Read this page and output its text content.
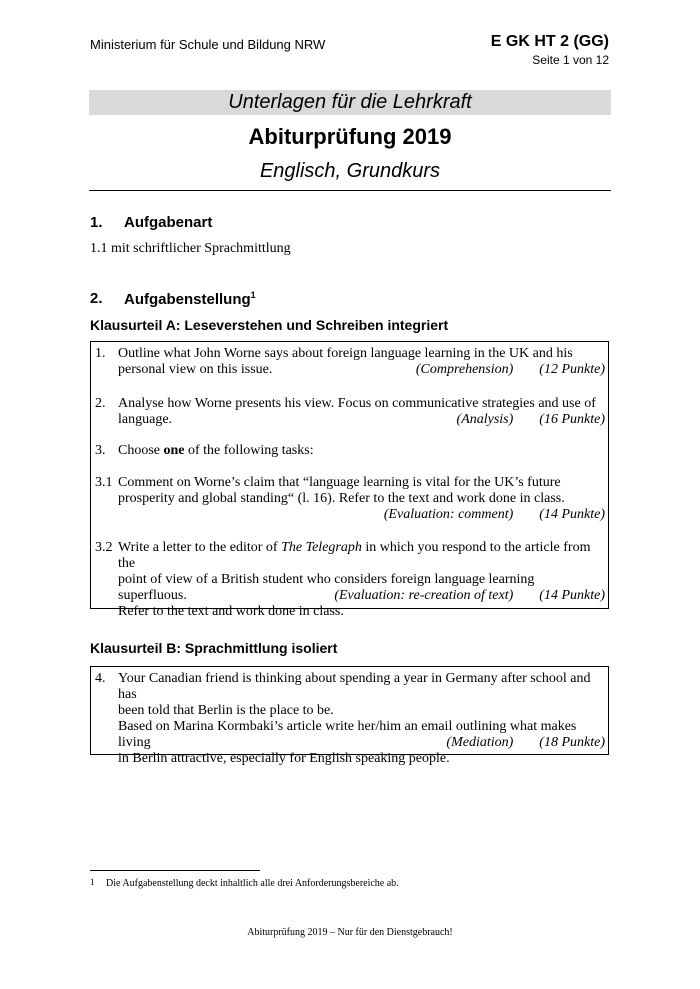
Ministerium für Schule und Bildung NRW	E GK HT 2 (GG)
Seite 1 von 12
Unterlagen für die Lehrkraft
Abiturprüfung 2019
Englisch, Grundkurs
1. Aufgabenart
1.1 mit schriftlicher Sprachmittlung
2. Aufgabenstellung$^1$
Klausurteil A: Leseverstehen und Schreiben integriert
1. Outline what John Worne says about foreign language learning in the UK and his
personal view on this issue.	(Comprehension) (12 Punkte)
2. Analyse how Worne presents his view. Focus on communicative strategies and use of
language.	(Analysis) (16 Punkte)
3. Choose one of the following tasks:
3.1 Comment on Worne’s claim that “language learning is vital for the UK’s future
prosperity and global standing“ (l. 16). Refer to the text and work done in class.
(Evaluation: comment) (14 Punkte)
3.2 Write a letter to the editor of The Telegraph in which you respond to the article from the
point of view of a British student who considers foreign language learning superfluous.
Refer to the text and work done in class.
(Evaluation: re-creation of text) (14 Punkte)
Klausurteil B: Sprachmittlung isoliert
4. Your Canadian friend is thinking about spending a year in Germany after school and has
been told that Berlin is the place to be.
Based on Marina Kormbaki’s article write her/him an email outlining what makes living
in Berlin attractive, especially for English speaking people.
(Mediation) (18 Punkte)
1 Die Aufgabenstellung deckt inhaltlich alle drei Anforderungsbereiche ab.
Abiturprüfung 2019 – Nur für den Dienstgebrauch!
